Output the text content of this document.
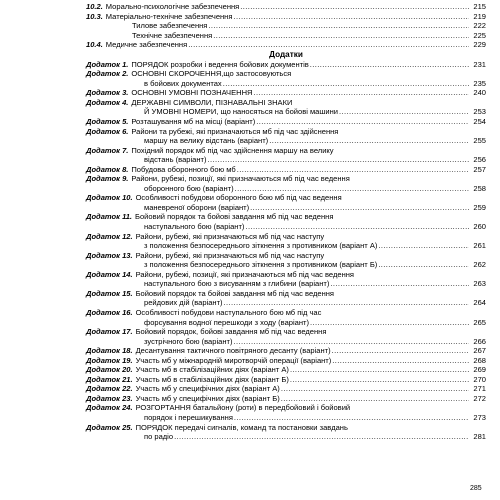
10.2. Морально-психологічне забезпечення .....	215
10.3. Матеріально-технічне забезпечення .....	219
Тилове забезпечення .....	222
Технічне забезпечення .....	225
10.4. Медичне забезпечення .....	229
Додатки
Додаток 1. ПОРЯДОК розробки і ведення бойових документів .....	231
Додаток 2. ОСНОВНІ СКОРОЧЕННЯ,що застосовуються
в бойових документах .....	235
Додаток 3. ОСНОВНІ УМОВНІ ПОЗНАЧЕННЯ .....	240
Додаток 4. ДЕРЖАВНІ СИМВОЛИ, ПІЗНАВАЛЬНІ ЗНАКИ
Й УМОВНІ НОМЕРИ, що наносяться на бойові машини .....	253
Додаток 5. Розташування мб на місці (варіант) .....	254
Додаток 6. Райони та рубежі, які призначаються мб під час здійснення
маршу на велику відстань (варіант) .....	255
Додаток 7. Похідний порядок мб під час здійснення маршу на велику
відстань (варіант) .....	256
Додаток 8. Побудова оборонного бою мб .....	257
Додаток 9. Райони, рубежі, позиції, які призначаються мб під час ведення
оборонного бою (варіант) .....	258
Додаток 10. Особливості побудови оборонного бою мб під час ведення
маневреної оборони (варіант) .....	259
Додаток 11. Бойовий порядок та бойові завдання мб під час ведення
наступального бою (варіант) .....	260
Додаток 12. Райони, рубежі, які призначаються мб під час наступу
з положення безпосереднього зіткнення з противником (варіант А) .....	261
Додаток 13. Райони, рубежі, які призначаються мб під час наступу
з положення безпосереднього зіткнення з противником (варіант Б) .....	262
Додаток 14. Райони, рубежі, позиції, які призначаються мб під час ведення
наступального бою з висуванням з глибини (варіант) .....	263
Додаток 15. Бойовий порядок та бойові завдання мб під час ведення
рейдових дій (варіант) .....	264
Додаток 16. Особливості побудови наступального бою мб під час
форсування водної перешкоди з ходу (варіант) .....	265
Додаток 17. Бойовий порядок, бойові завдання мб під час ведення
зустрічного бою (варіант) .....	266
Додаток 18. Десантування тактичного повітряного десанту (варіант) .....	267
Додаток 19. Участь мб у міжнародній миротворчій операції (варіант) .....	268
Додаток 20. Участь мб в стабілізаційних діях (варіант А) .....	269
Додаток 21. Участь мб в стабілізаційних діях (варіант Б) .....	270
Додаток 22. Участь мб у специфічних діях (варіант А) .....	271
Додаток 23. Участь мб у специфічних діях (варіант Б) .....	272
Додаток 24. РОЗГОРТАННЯ батальйону (роти) в передбойовий і бойовий
порядок і перешикування .....	273
Додаток 25. ПОРЯДОК передачі сигналів, команд та постановки завдань
по радіо .....	281
285
